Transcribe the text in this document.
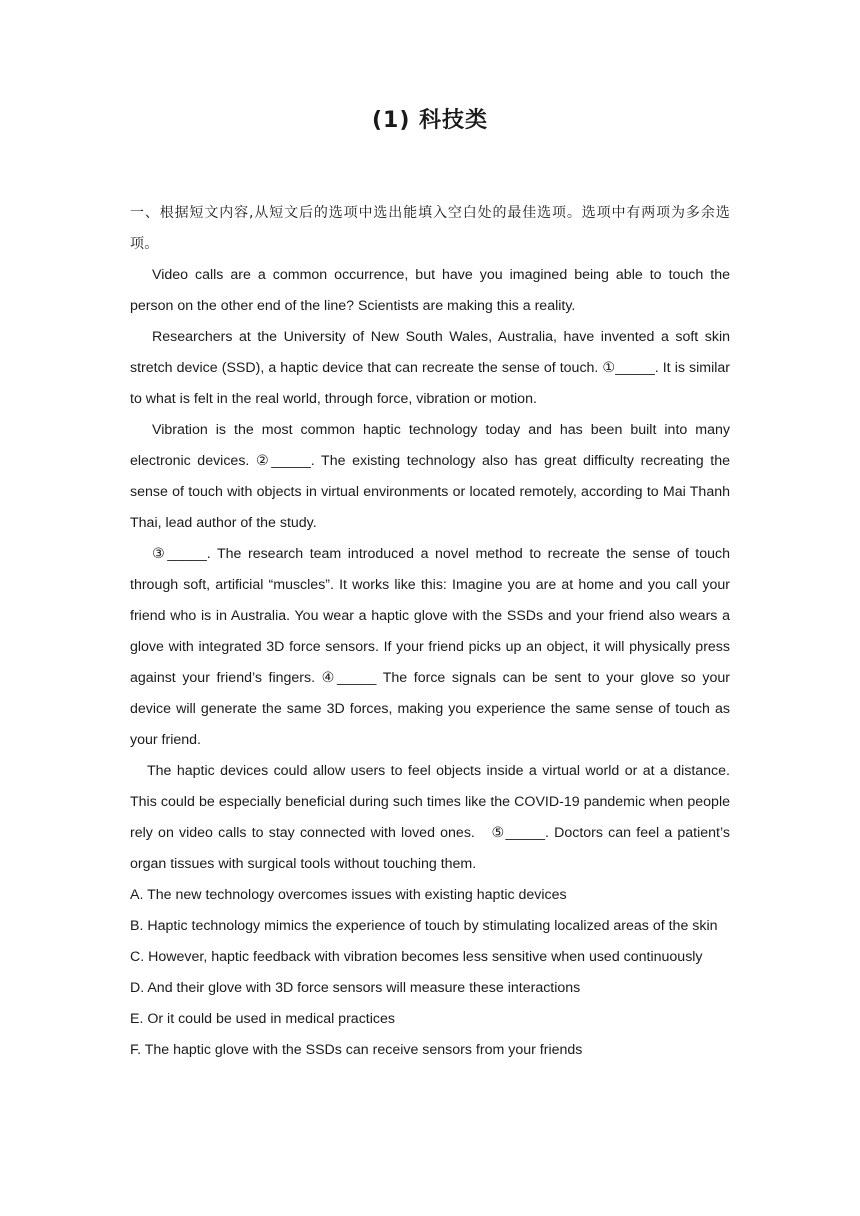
(1) 科技类

一、根据短文内容,从短文后的选项中选出能填入空白处的最佳选项。选项中有两项为多余选项。

Video calls are a common occurrence, but have you imagined being able to touch the person on the other end of the line? Scientists are making this a reality.

Researchers at the University of New South Wales, Australia, have invented a soft skin stretch device (SSD), a haptic device that can recreate the sense of touch. ①_____. It is similar to what is felt in the real world, through force, vibration or motion.

Vibration is the most common haptic technology today and has been built into many electronic devices. ②_____. The existing technology also has great difficulty recreating the sense of touch with objects in virtual environments or located remotely, according to Mai Thanh Thai, lead author of the study.

③_____. The research team introduced a novel method to recreate the sense of touch through soft, artificial “muscles”. It works like this: Imagine you are at home and you call your friend who is in Australia. You wear a haptic glove with the SSDs and your friend also wears a glove with integrated 3D force sensors. If your friend picks up an object, it will physically press against your friend’s fingers. ④_____ The force signals can be sent to your glove so your device will generate the same 3D forces, making you experience the same sense of touch as your friend.

The haptic devices could allow users to feel objects inside a virtual world or at a distance. This could be especially beneficial during such times like the COVID-19 pandemic when people rely on video calls to stay connected with loved ones.　⑤_____. Doctors can feel a patient’s organ tissues with surgical tools without touching them.

A. The new technology overcomes issues with existing haptic devices

B. Haptic technology mimics the experience of touch by stimulating localized areas of the skin

C. However, haptic feedback with vibration becomes less sensitive when used continuously

D. And their glove with 3D force sensors will measure these interactions

E. Or it could be used in medical practices

F. The haptic glove with the SSDs can receive sensors from your friends
